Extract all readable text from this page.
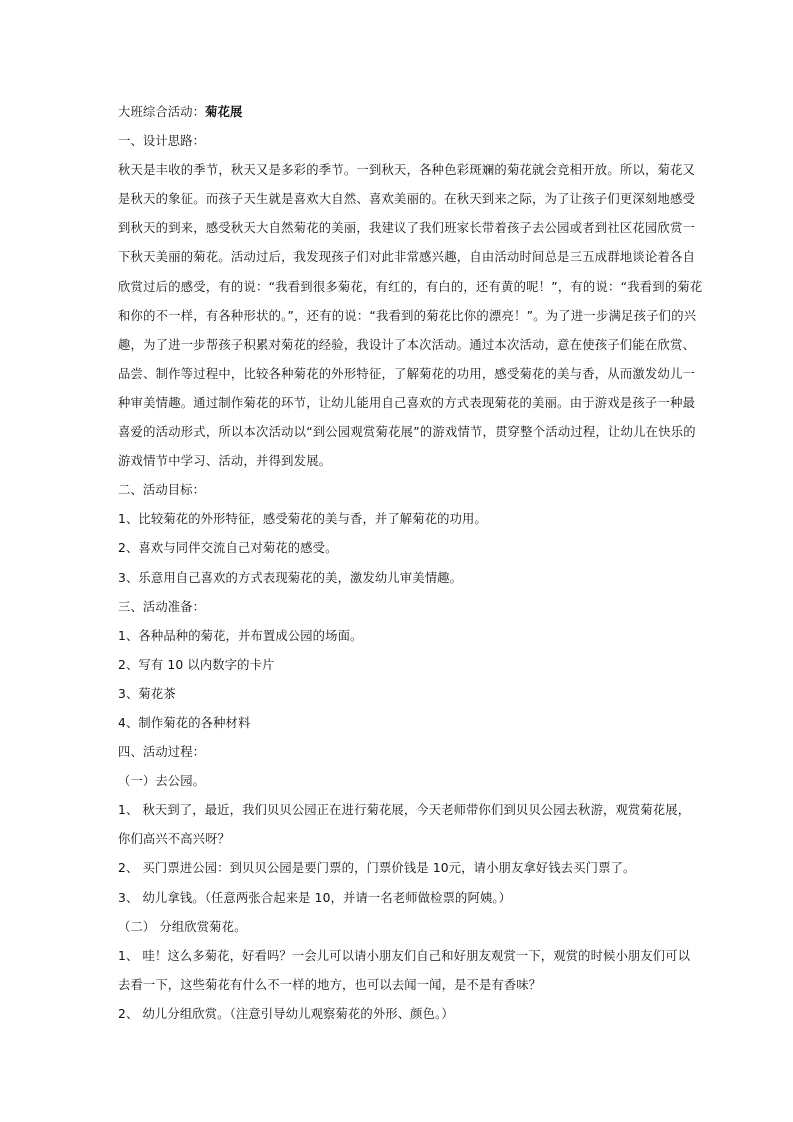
大班综合活动：菊花展
一、设计思路：
秋天是丰收的季节，秋天又是多彩的季节。一到秋天，各种色彩斑斓的菊花就会竞相开放。所以，菊花又
是秋天的象征。而孩子天生就是喜欢大自然、喜欢美丽的。在秋天到来之际，为了让孩子们更深刻地感受
到秋天的到来，感受秋天大自然菊花的美丽，我建议了我们班家长带着孩子去公园或者到社区花园欣赏一
下秋天美丽的菊花。活动过后，我发现孩子们对此非常感兴趣，自由活动时间总是三五成群地谈论着各自
欣赏过后的感受，有的说：“我看到很多菊花，有红的，有白的，还有黄的呢！”，有的说：“我看到的菊花
和你的不一样，有各种形状的。”，还有的说：“我看到的菊花比你的漂亮！”。为了进一步满足孩子们的兴
趣，为了进一步帮孩子积累对菊花的经验，我设计了本次活动。通过本次活动，意在使孩子们能在欣赏、
品尝、制作等过程中，比较各种菊花的外形特征，了解菊花的功用，感受菊花的美与香，从而激发幼儿一
种审美情趣。通过制作菊花的环节，让幼儿能用自己喜欢的方式表现菊花的美丽。由于游戏是孩子一种最
喜爱的活动形式，所以本次活动以“到公园观赏菊花展”的游戏情节，贯穿整个活动过程，让幼儿在快乐的
游戏情节中学习、活动，并得到发展。
二、活动目标：
1、比较菊花的外形特征，感受菊花的美与香，并了解菊花的功用。
2、喜欢与同伴交流自己对菊花的感受。
3、乐意用自己喜欢的方式表现菊花的美，激发幼儿审美情趣。
三、活动准备：
1、各种品种的菊花，并布置成公园的场面。
2、写有 10 以内数字的卡片
3、菊花茶
4、制作菊花的各种材料
四、活动过程：
（一）去公园。
1、 秋天到了，最近，我们贝贝公园正在进行菊花展，今天老师带你们到贝贝公园去秋游，观赏菊花展，
你们高兴不高兴呀？
2、 买门票进公园：到贝贝公园是要门票的，门票价钱是 10元，请小朋友拿好钱去买门票了。
3、 幼儿拿钱。（任意两张合起来是 10，并请一名老师做检票的阿姨。）
（二） 分组欣赏菊花。
1、 哇！这么多菊花，好看吗？一会儿可以请小朋友们自己和好朋友观赏一下，观赏的时候小朋友们可以
去看一下，这些菊花有什么不一样的地方，也可以去闻一闻，是不是有香味？
2、 幼儿分组欣赏。（注意引导幼儿观察菊花的外形、颜色。）
